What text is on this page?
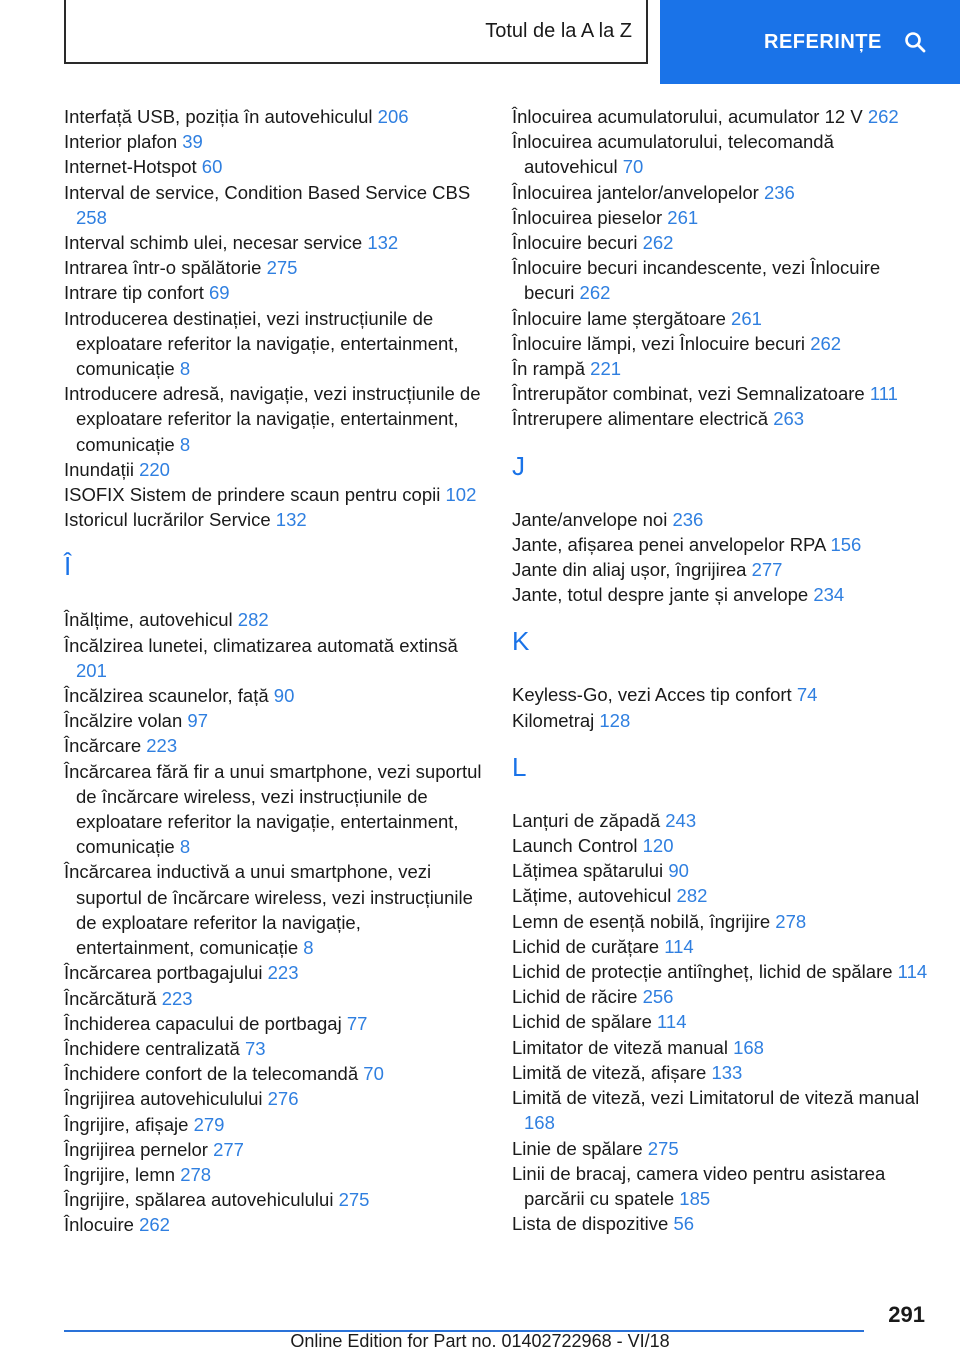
Totul de la A la Z	REFERINȚE

Interfață USB, poziția în autovehiculul 206

Interior plafon 39

Internet-Hotspot 60

Interval de service, Condition Based Service CBS 258

Interval schimb ulei, necesar service 132

Intrarea într-o spălătorie 275

Intrare tip confort 69

Introducerea destinației, vezi instrucțiunile de exploatare referitor la navigație, entertainment, comunicație 8

Introducere adresă, navigație, vezi instrucțiunile de exploatare referitor la navigație, entertainment, comunicație 8

Inundații 220

ISOFIX Sistem de prindere scaun pentru copii 102

Istoricul lucrărilor Service 132

Î

Înălțime, autovehicul 282

Încălzirea lunetei, climatizarea automată extinsă 201

Încălzirea scaunelor, față 90

Încălzire volan 97

Încărcare 223

Încărcarea fără fir a unui smartphone, vezi suportul de încărcare wireless, vezi instrucțiunile de exploatare referitor la navigație, entertainment, comunicație 8

Încărcarea inductivă a unui smartphone, vezi suportul de încărcare wireless, vezi instrucțiunile de exploatare referitor la navigație, entertainment, comunicație 8

Încărcarea portbagajului 223

Încărcătură 223

Închiderea capacului de portbagaj 77

Închidere centralizată 73

Închidere confort de la telecomandă 70

Îngrijirea autovehiculului 276

Îngrijire, afișaje 279

Îngrijirea pernelor 277

Îngrijire, lemn 278

Îngrijire, spălarea autovehiculului 275

Înlocuire 262

Înlocuirea acumulatorului, acumulator 12 V 262

Înlocuirea acumulatorului, telecomandă autovehicul 70

Înlocuirea jantelor/anvelopelor 236

Înlocuirea pieselor 261

Înlocuire becuri 262

Înlocuire becuri incandescente, vezi Înlocuire becuri 262

Înlocuire lame ștergătoare 261

Înlocuire lămpi, vezi Înlocuire becuri 262

În rampă 221

Întrerupător combinat, vezi Semnalizatoare 111

Întrerupere alimentare electrică 263

J

Jante/anvelope noi 236

Jante, afișarea penei anvelopelor RPA 156

Jante din aliaj ușor, îngrijirea 277

Jante, totul despre jante și anvelope 234

K

Keyless-Go, vezi Acces tip confort 74

Kilometraj 128

L

Lanțuri de zăpadă 243

Launch Control 120

Lățimea spătarului 90

Lățime, autovehicul 282

Lemn de esență nobilă, îngrijire 278

Lichid de curățare 114

Lichid de protecție antiîngheț, lichid de spălare 114

Lichid de răcire 256

Lichid de spălare 114

Limitator de viteză manual 168

Limită de viteză, afișare 133

Limită de viteză, vezi Limitatorul de viteză manual 168

Linie de spălare 275

Linii de bracaj, camera video pentru asistarea parcării cu spatele 185

Lista de dispozitive 56

291
Online Edition for Part no. 01402722968 - VI/18
